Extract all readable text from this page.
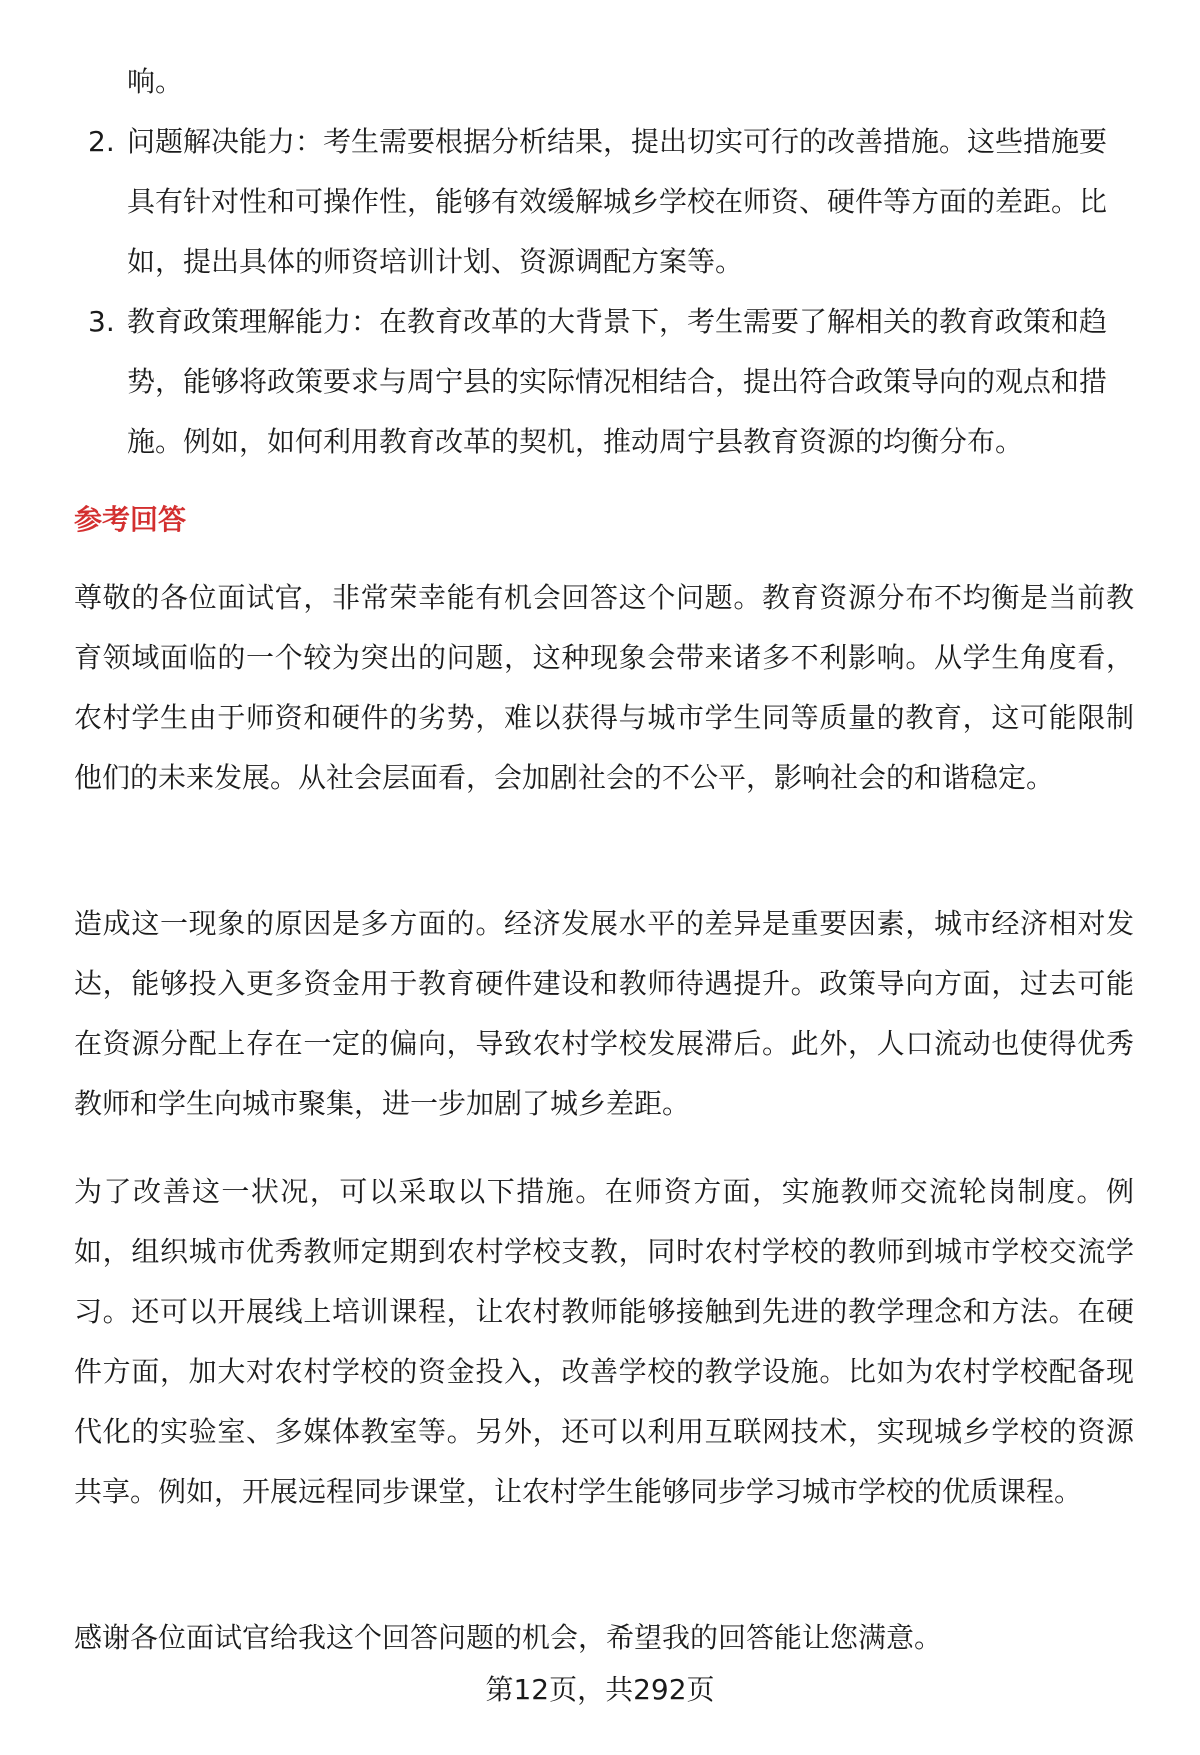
响。

2. 问题解决能力：考生需要根据分析结果，提出切实可行的改善措施。这些措施要具有针对性和可操作性，能够有效缓解城乡学校在师资、硬件等方面的差距。比如，提出具体的师资培训计划、资源调配方案等。
3. 教育政策理解能力：在教育改革的大背景下，考生需要了解相关的教育政策和趋势，能够将政策要求与周宁县的实际情况相结合，提出符合政策导向的观点和措施。例如，如何利用教育改革的契机，推动周宁县教育资源的均衡分布。
参考回答

尊敬的各位面试官，非常荣幸能有机会回答这个问题。教育资源分布不均衡是当前教育领域面临的一个较为突出的问题，这种现象会带来诸多不利影响。从学生角度看，农村学生由于师资和硬件的劣势，难以获得与城市学生同等质量的教育，这可能限制他们的未来发展。从社会层面看，会加剧社会的不公平，影响社会的和谐稳定。

造成这一现象的原因是多方面的。经济发展水平的差异是重要因素，城市经济相对发达，能够投入更多资金用于教育硬件建设和教师待遇提升。政策导向方面，过去可能在资源分配上存在一定的偏向，导致农村学校发展滞后。此外，人口流动也使得优秀教师和学生向城市聚集，进一步加剧了城乡差距。

为了改善这一状况，可以采取以下措施。在师资方面，实施教师交流轮岗制度。例如，组织城市优秀教师定期到农村学校支教，同时农村学校的教师到城市学校交流学习。还可以开展线上培训课程，让农村教师能够接触到先进的教学理念和方法。在硬件方面，加大对农村学校的资金投入，改善学校的教学设施。比如为农村学校配备现代化的实验室、多媒体教室等。另外，还可以利用互联网技术，实现城乡学校的资源共享。例如，开展远程同步课堂，让农村学生能够同步学习城市学校的优质课程。

感谢各位面试官给我这个回答问题的机会，希望我的回答能让您满意。

第12页，共292页
